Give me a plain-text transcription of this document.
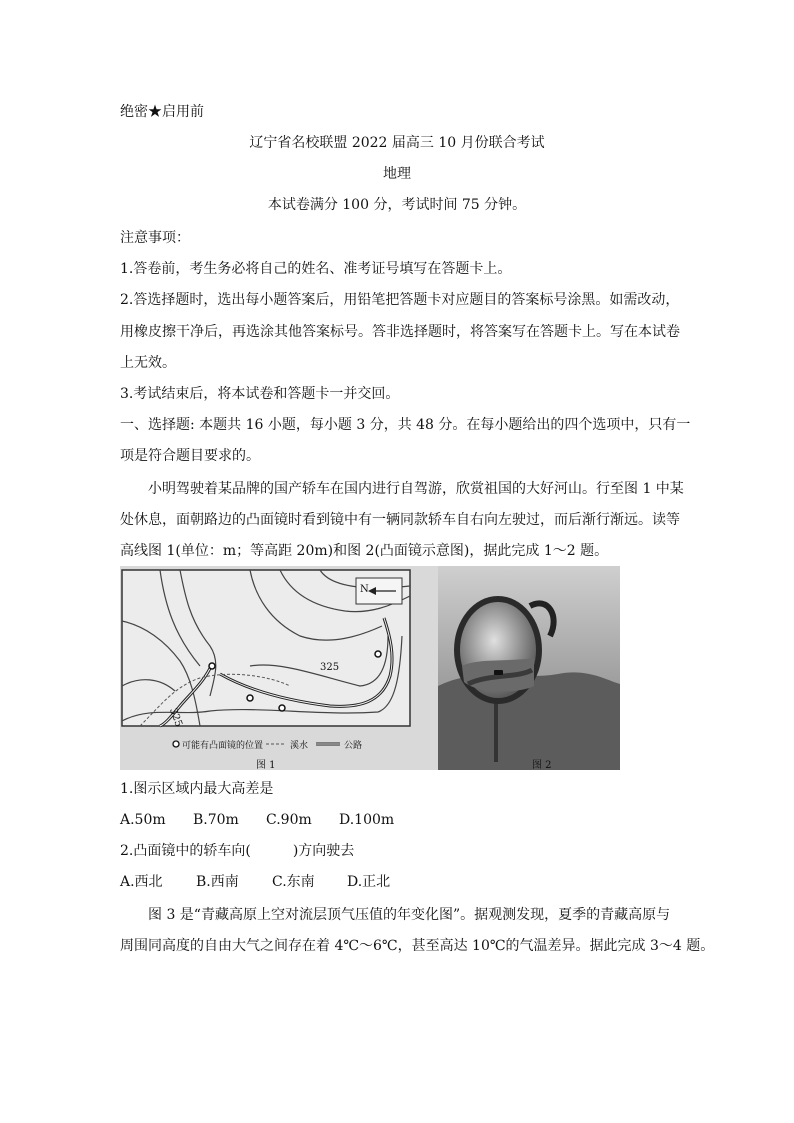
绝密★启用前
辽宁省名校联盟 2022 届高三 10 月份联合考试
地理
本试卷满分 100 分，考试时间 75 分钟。
注意事项：
1.答卷前，考生务必将自己的姓名、准考证号填写在答题卡上。
2.答选择题时，选出每小题答案后，用铅笔把答题卡对应题目的答案标号涂黑。如需改动，
用橡皮擦干净后，再选涂其他答案标号。答非选择题时，将答案写在答题卡上。写在本试卷
上无效。
3.考试结束后，将本试卷和答题卡一并交回。
一、选择题: 本题共 16 小题，每小题 3 分，共 48 分。在每小题给出的四个选项中，只有一
项是符合题目要求的。
小明驾驶着某品牌的国产轿车在国内进行自驾游，欣赏祖国的大好河山。行至图 1 中某
处休息，面朝路边的凸面镜时看到镜中有一辆同款轿车自右向左驶过，而后渐行渐远。读等
高线图 1(单位：m；等高距 20m)和图 2(凸面镜示意图)，据此完成 1～2 题。
N
325
325
可能有凸面镜的位置	溪水	公路
图 1	图 2
1.图示区域内最大高差是
A.50m B.70m C.90m D.100m
2.凸面镜中的轿车向(　　　)方向驶去
A.西北 B.西南 C.东南 D.正北
图 3 是“青藏高原上空对流层顶气压值的年变化图”。据观测发现，夏季的青藏高原与
周围同高度的自由大气之间存在着 4℃～6℃，甚至高达 10℃的气温差异。据此完成 3～4 题。
